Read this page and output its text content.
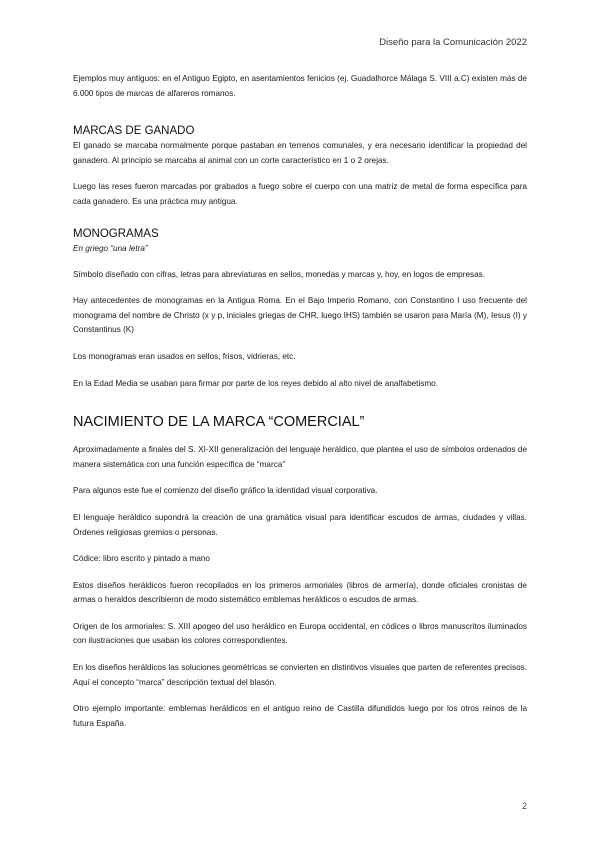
Diseño para la Comunicación 2022

Ejemplos muy antiguos: en el Antiguo Egipto, en asentamientos fenicios (ej. Guadalhorce Málaga S. VIII a.C) existen más de 6.000 tipos de marcas de alfareros romanos.

MARCAS DE GANADO

El ganado se marcaba normalmente porque pastaban en terrenos comunales, y era necesario identificar la propiedad del ganadero. Al principio se marcaba al animal con un corte característico en 1 o 2 orejas.

Luego las reses fueron marcadas por grabados a fuego sobre el cuerpo con una matriz de metal de forma específica para cada ganadero. Es una práctica muy antigua.

MONOGRAMAS
En griego “una letra”

Símbolo diseñado con cifras, letras para abreviaturas en sellos, monedas y marcas y, hoy, en logos de empresas.

Hay antecedentes de monogramas en la Antigua Roma. En el Bajo Imperio Romano, con Constantino I uso frecuente del monograma del nombre de Christo (x y p, iniciales griegas de CHR, luego IHS) también se usaron para María (M), Iesus (I) y Constantinus (K)

Los monogramas eran usados en sellos, frisos, vidrieras, etc.

En la Edad Media se usaban para firmar por parte de los reyes debido al alto nivel de analfabetismo.

NACIMIENTO DE LA MARCA “COMERCIAL”

Aproximadamente a finales del S. XI-XII generalización del lenguaje heráldico, que plantea el uso de símbolos ordenados de manera sistemática con una función específica de “marca”

Para algunos este fue el comienzo del diseño gráfico la identidad visual corporativa.

El lenguaje heráldico supondrá la creación de una gramática visual para identificar escudos de armas, ciudades y villas. Órdenes religiosas gremios o personas.

Códice: libro escrito y pintado a mano

Estos diseños heráldicos fueron recopilados en los primeros armoriales (libros de armería), donde oficiales cronistas de armas o heraldos describieron de modo sistemático emblemas heráldicos o escudos de armas.

Origen de los armoriales: S. XIII apogeo del uso heráldico en Europa occidental, en códices o libros manuscritos iluminados con ilustraciones que usaban los colores correspondientes.

En los diseños heráldicos las soluciones geométricas se convierten en distintivos visuales que parten de referentes precisos. Aquí el concepto “marca” descripción textual del blasón.

Otro ejemplo importante: emblemas heráldicos en el antiguo reino de Castilla difundidos luego por los otros reinos de la futura España.

2
